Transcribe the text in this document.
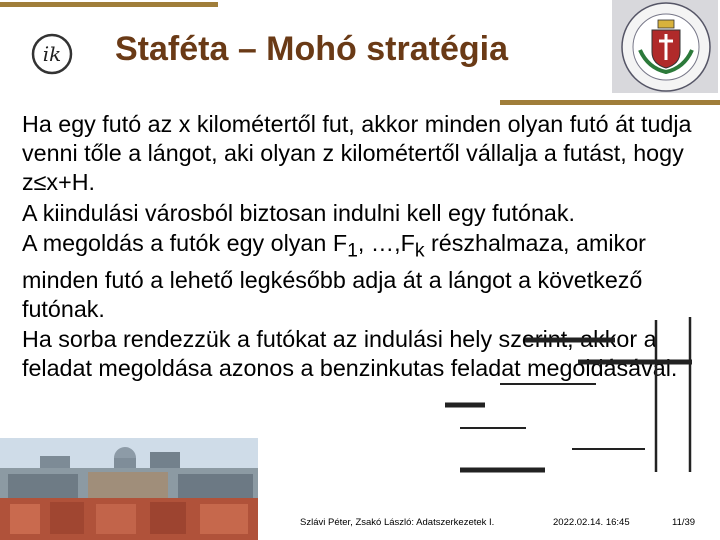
ik Staféta – Mohó stratégia

Ha egy futó az x kilométertől fut, akkor minden olyan futó át tudja venni tőle a lángot, aki olyan z kilométertől vállalja a futást, hogy z≤x+H.

A kiindulási városból biztosan indulni kell egy futónak.

A megoldás a futók egy olyan $F_1$, $\dots,F_k$ részhalmaza, amikor minden futó a lehető legkésőbb adja át a lángot a következő futónak.

Ha sorba rendezzük a futókat az indulási hely szerint, akkor a feladat megoldása azonos a benzinkutas feladat megoldásával.

Szlávi Péter, Zsakó László: Adatszerkezetek I.	2022.02.14. 16:45	11/39
